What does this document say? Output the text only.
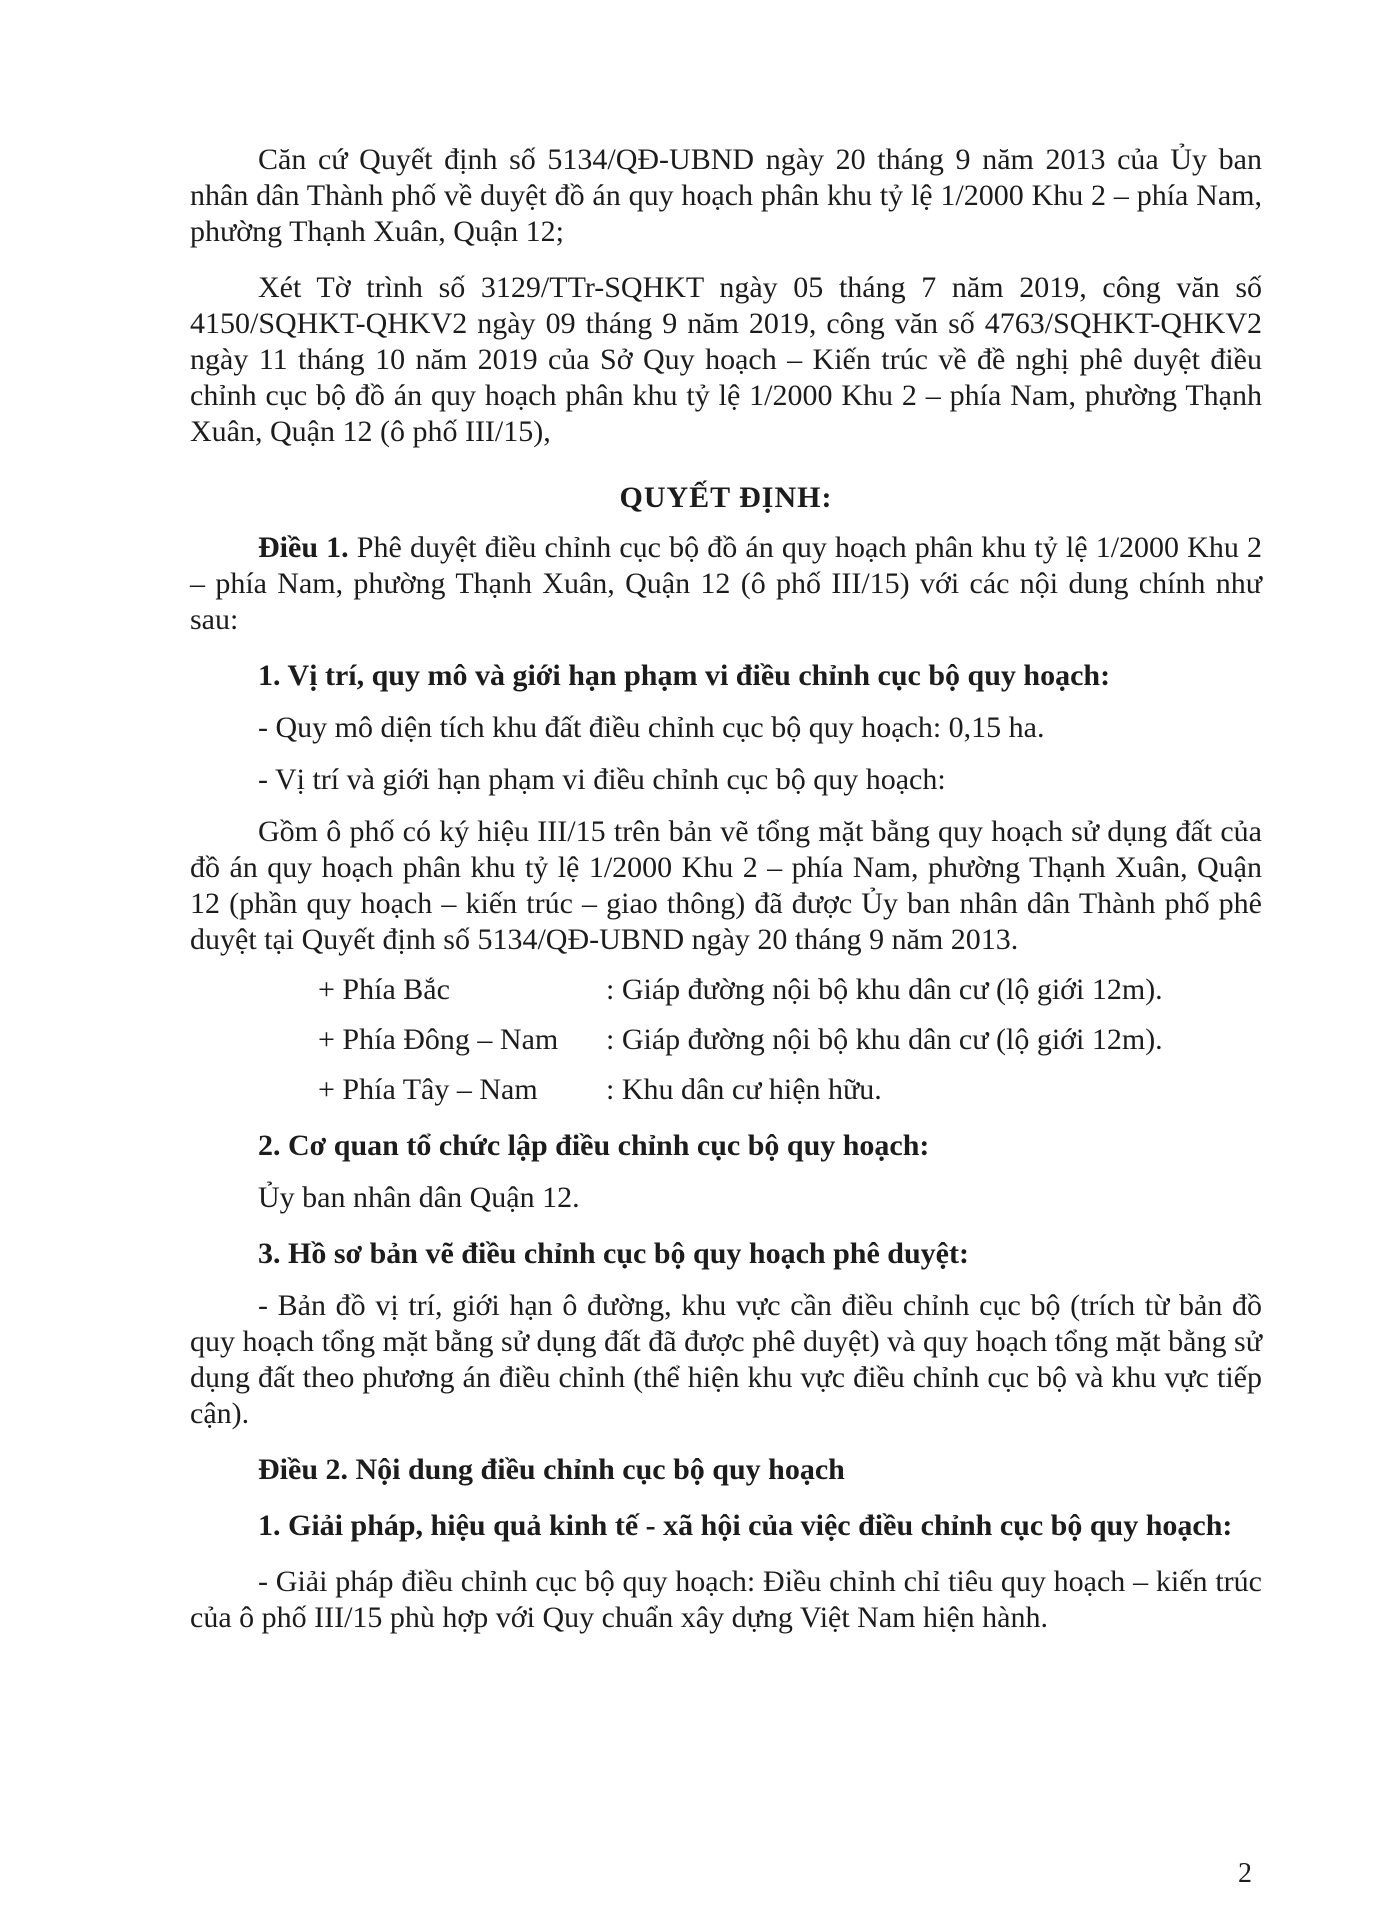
Căn cứ Quyết định số 5134/QĐ-UBND ngày 20 tháng 9 năm 2013 của Ủy ban nhân dân Thành phố về duyệt đồ án quy hoạch phân khu tỷ lệ 1/2000 Khu 2 – phía Nam, phường Thạnh Xuân, Quận 12;

Xét Tờ trình số 3129/TTr-SQHKT ngày 05 tháng 7 năm 2019, công văn số 4150/SQHKT-QHKV2 ngày 09 tháng 9 năm 2019, công văn số 4763/SQHKT-QHKV2 ngày 11 tháng 10 năm 2019 của Sở Quy hoạch – Kiến trúc về đề nghị phê duyệt điều chỉnh cục bộ đồ án quy hoạch phân khu tỷ lệ 1/2000 Khu 2 – phía Nam, phường Thạnh Xuân, Quận 12 (ô phố III/15),

QUYẾT ĐỊNH:

Điều 1. Phê duyệt điều chỉnh cục bộ đồ án quy hoạch phân khu tỷ lệ 1/2000 Khu 2 – phía Nam, phường Thạnh Xuân, Quận 12 (ô phố III/15) với các nội dung chính như sau:

1. Vị trí, quy mô và giới hạn phạm vi điều chỉnh cục bộ quy hoạch:

- Quy mô diện tích khu đất điều chỉnh cục bộ quy hoạch: 0,15 ha.

- Vị trí và giới hạn phạm vi điều chỉnh cục bộ quy hoạch:

Gồm ô phố có ký hiệu III/15 trên bản vẽ tổng mặt bằng quy hoạch sử dụng đất của đồ án quy hoạch phân khu tỷ lệ 1/2000 Khu 2 – phía Nam, phường Thạnh Xuân, Quận 12 (phần quy hoạch – kiến trúc – giao thông) đã được Ủy ban nhân dân Thành phố phê duyệt tại Quyết định số 5134/QĐ-UBND ngày 20 tháng 9 năm 2013.

+ Phía Bắc	: Giáp đường nội bộ khu dân cư (lộ giới 12m).
+ Phía Đông – Nam	: Giáp đường nội bộ khu dân cư (lộ giới 12m).
+ Phía Tây – Nam	: Khu dân cư hiện hữu.

2. Cơ quan tổ chức lập điều chỉnh cục bộ quy hoạch:

Ủy ban nhân dân Quận 12.

3. Hồ sơ bản vẽ điều chỉnh cục bộ quy hoạch phê duyệt:

- Bản đồ vị trí, giới hạn ô đường, khu vực cần điều chỉnh cục bộ (trích từ bản đồ quy hoạch tổng mặt bằng sử dụng đất đã được phê duyệt) và quy hoạch tổng mặt bằng sử dụng đất theo phương án điều chỉnh (thể hiện khu vực điều chỉnh cục bộ và khu vực tiếp cận).

Điều 2. Nội dung điều chỉnh cục bộ quy hoạch

1. Giải pháp, hiệu quả kinh tế - xã hội của việc điều chỉnh cục bộ quy hoạch:

- Giải pháp điều chỉnh cục bộ quy hoạch: Điều chỉnh chỉ tiêu quy hoạch – kiến trúc của ô phố III/15 phù hợp với Quy chuẩn xây dựng Việt Nam hiện hành.

2
